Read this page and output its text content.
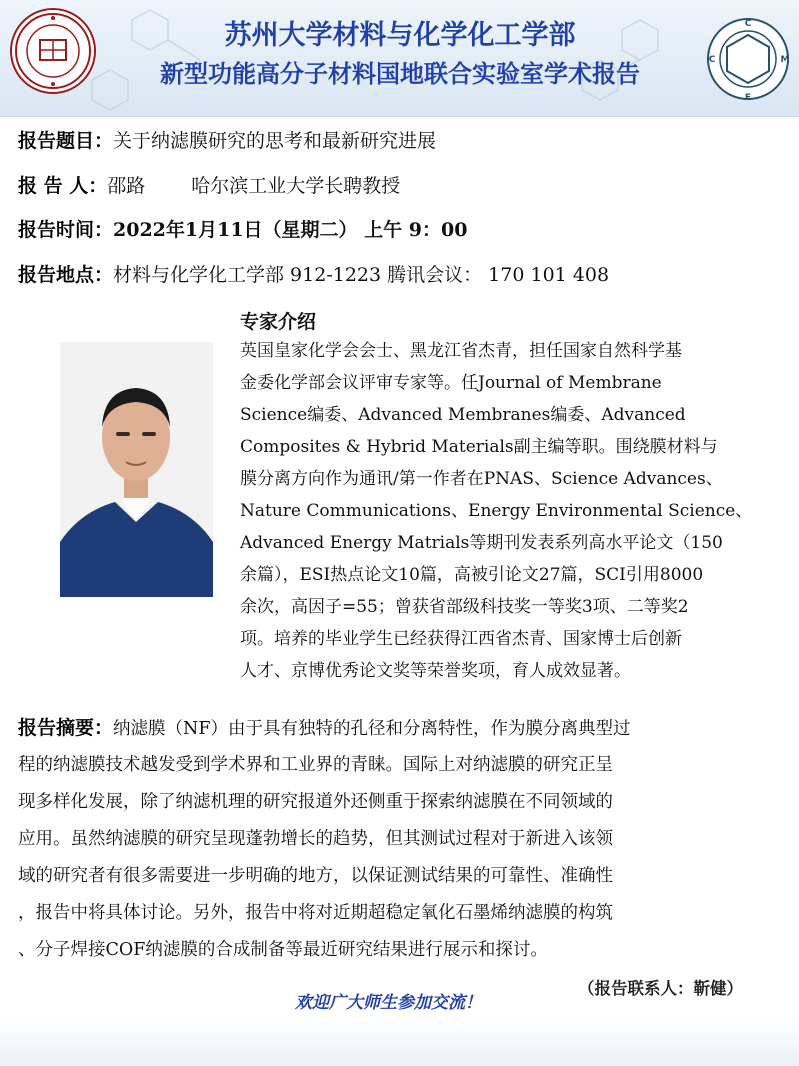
苏州大学材料与化学化工学部
新型功能高分子材料国地联合实验室学术报告
C
M
E
C
报告题目：关于纳滤膜研究的思考和最新研究进展
报 告 人：邵路 哈尔滨工业大学长聘教授
报告时间：2022年1月11日（星期二） 上午 9：00
报告地点：材料与化学化工学部 912-1223 腾讯会议： 170 101 408
专家介绍
英国皇家化学会会士、黑龙江省杰青，担任国家自然科学基
金委化学部会议评审专家等。任Journal of Membrane
Science编委、Advanced Membranes编委、Advanced
Composites & Hybrid Materials副主编等职。围绕膜材料与
膜分离方向作为通讯/第一作者在PNAS、Science Advances、
Nature Communications、Energy Environmental Science、
Advanced Energy Matrials等期刊发表系列高水平论文（150
余篇），ESI热点论文10篇，高被引论文27篇，SCI引用8000
余次，高因子=55；曾获省部级科技奖一等奖3项、二等奖2
项。培养的毕业学生已经获得江西省杰青、国家博士后创新
人才、京博优秀论文奖等荣誉奖项，育人成效显著。
报告摘要：纳滤膜（NF）由于具有独特的孔径和分离特性，作为膜分离典型过
程的纳滤膜技术越发受到学术界和工业界的青睐。国际上对纳滤膜的研究正呈
现多样化发展，除了纳滤机理的研究报道外还侧重于探索纳滤膜在不同领域的
应用。虽然纳滤膜的研究呈现蓬勃增长的趋势，但其测试过程对于新进入该领
域的研究者有很多需要进一步明确的地方，以保证测试结果的可靠性、准确性
，报告中将具体讨论。另外，报告中将对近期超稳定氧化石墨烯纳滤膜的构筑
、分子焊接COF纳滤膜的合成制备等最近研究结果进行展示和探讨。
（报告联系人：靳健）
欢迎广大师生参加交流！
